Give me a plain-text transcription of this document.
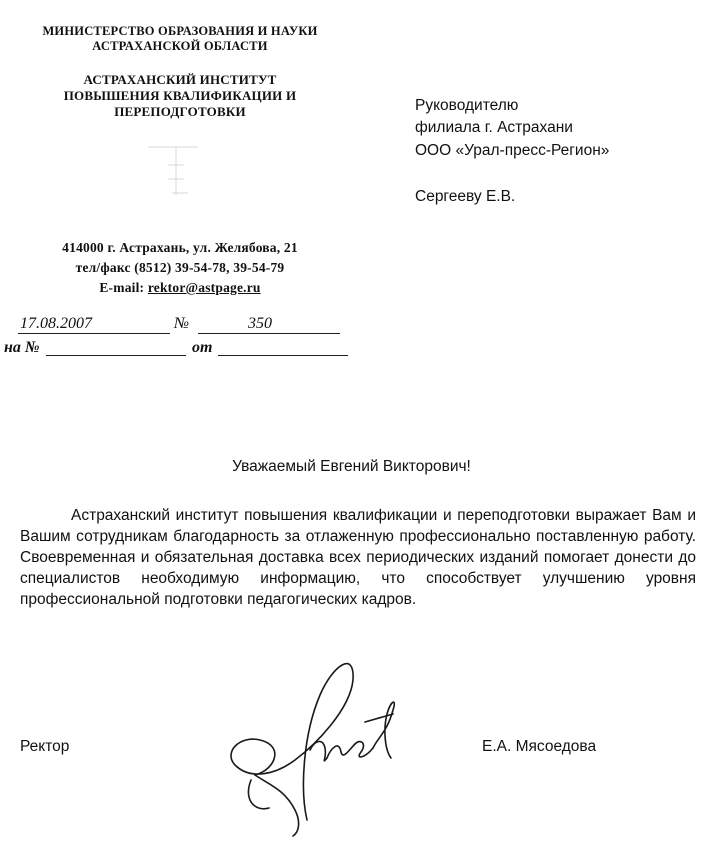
МИНИСТЕРСТВО ОБРАЗОВАНИЯ И НАУКИ
АСТРАХАНСКОЙ ОБЛАСТИ
АСТРАХАНСКИЙ ИНСТИТУТ
ПОВЫШЕНИЯ КВАЛИФИКАЦИИ И
ПЕРЕПОДГОТОВКИ
414000 г. Астрахань, ул. Желябова, 21
тел/факс (8512) 39-54-78, 39-54-79
E-mail: rektor@astpage.ru
17.08.2007	№	350
на №	от
Руководителю
филиала г. Астрахани
ООО «Урал-пресс-Регион»
Сергееву Е.В.
Уважаемый Евгений Викторович!

Астраханский институт повышения квалификации и переподготовки выражает Вам и Вашим сотрудникам благодарность за отлаженную профессионально поставленную работу. Своевременная и обязательная доставка всех периодических изданий помогает донести до специалистов необходимую информацию, что способствует улучшению уровня профессиональной подготовки педагогических кадров.

Ректор	Е.А. Мясоедова
